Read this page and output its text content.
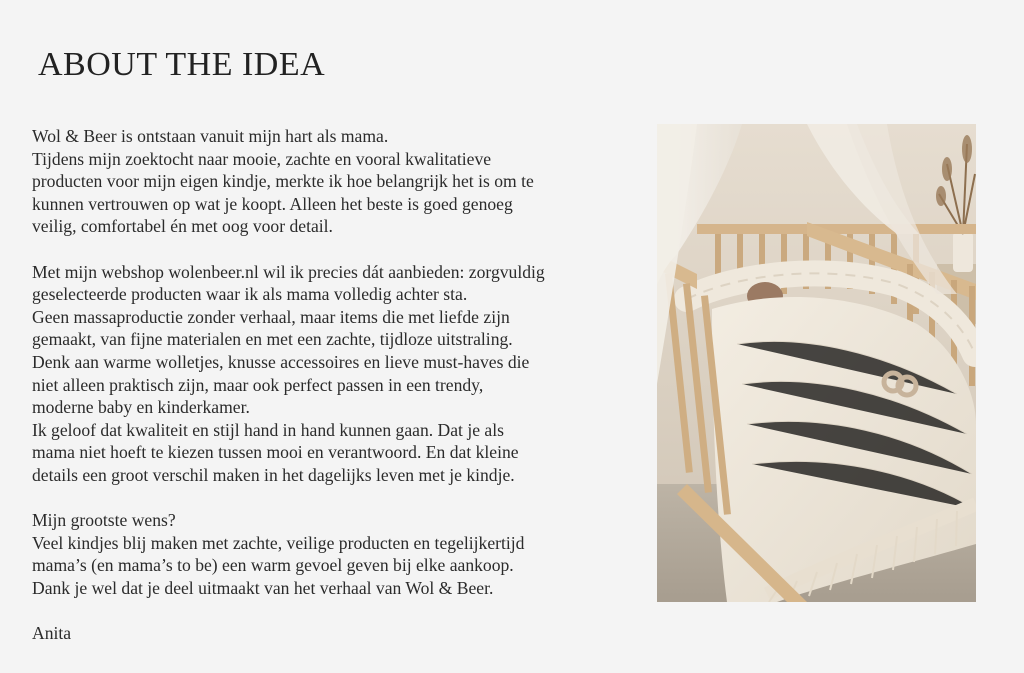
ABOUT THE IDEA
Wol & Beer is ontstaan vanuit mijn hart als mama.
Tijdens mijn zoektocht naar mooie, zachte en vooral kwalitatieve
producten voor mijn eigen kindje, merkte ik hoe belangrijk het is om te
kunnen vertrouwen op wat je koopt. Alleen het beste is goed genoeg
veilig, comfortabel én met oog voor detail.
Met mijn webshop wolenbeer.nl wil ik precies dát aanbieden: zorgvuldig
geselecteerde producten waar ik als mama volledig achter sta.
Geen massaproductie zonder verhaal, maar items die met liefde zijn
gemaakt, van fijne materialen en met een zachte, tijdloze uitstraling.
Denk aan warme wolletjes, knusse accessoires en lieve must-haves die
niet alleen praktisch zijn, maar ook perfect passen in een trendy,
moderne baby en kinderkamer.
Ik geloof dat kwaliteit en stijl hand in hand kunnen gaan. Dat je als
mama niet hoeft te kiezen tussen mooi en verantwoord. En dat kleine
details een groot verschil maken in het dagelijks leven met je kindje.
Mijn grootste wens?
Veel kindjes blij maken met zachte, veilige producten en tegelijkertijd
mama’s (en mama’s to be) een warm gevoel geven bij elke aankoop.
Dank je wel dat je deel uitmaakt van het verhaal van Wol & Beer.
Anita
